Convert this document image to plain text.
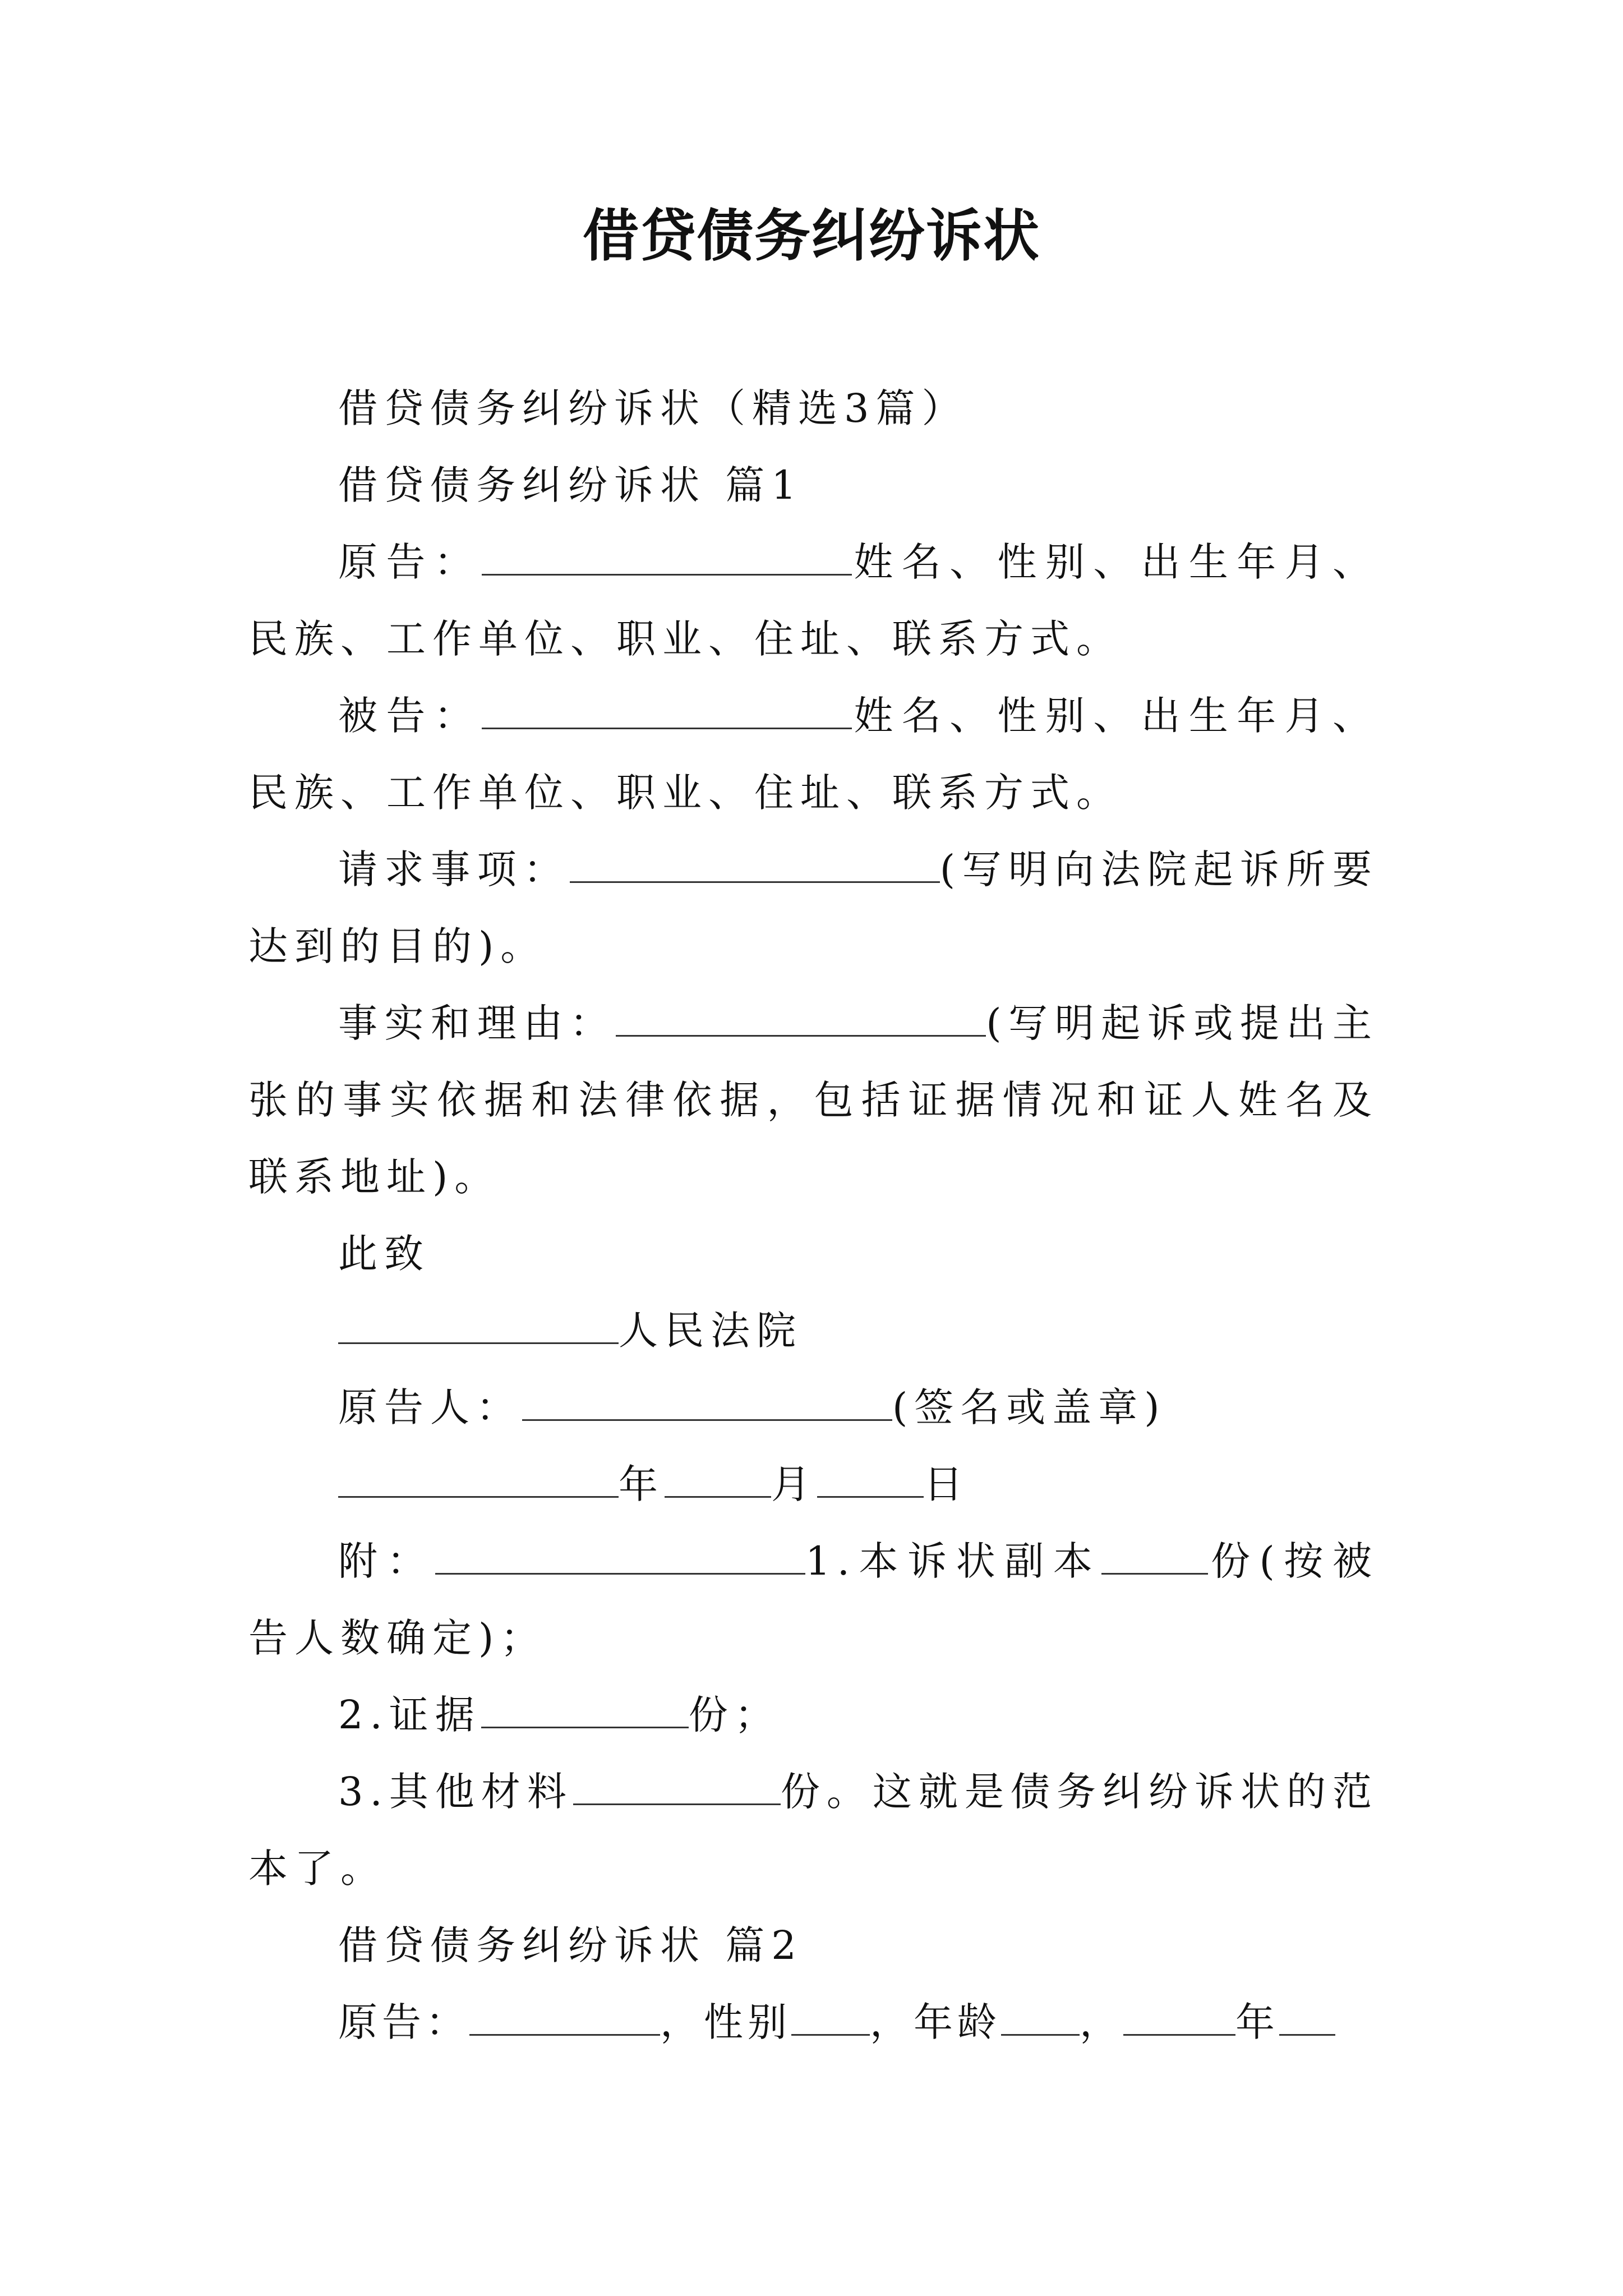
借贷债务纠纷诉状

借贷债务纠纷诉状（精选3篇）

借贷债务纠纷诉状 篇1

原告：	姓名、性别、出生年月、民族、工作单位、职业、住址、联系方式。

被告：	姓名、性别、出生年月、民族、工作单位、职业、住址、联系方式。

请求事项：	(写明向法院起诉所要达到的目的)。

事实和理由：	(写明起诉或提出主张的事实依据和法律依据，包括证据情况和证人姓名及联系地址)。

此致

人民法院

原告人：	(签名或盖章)

年	月	日

附：	1.本诉状副本	份(按被告人数确定)；

2.证据	份；

3.其他材料	份。这就是债务纠纷诉状的范本了。

借贷债务纠纷诉状 篇2

原告：	，性别 ，年龄 ，	年
